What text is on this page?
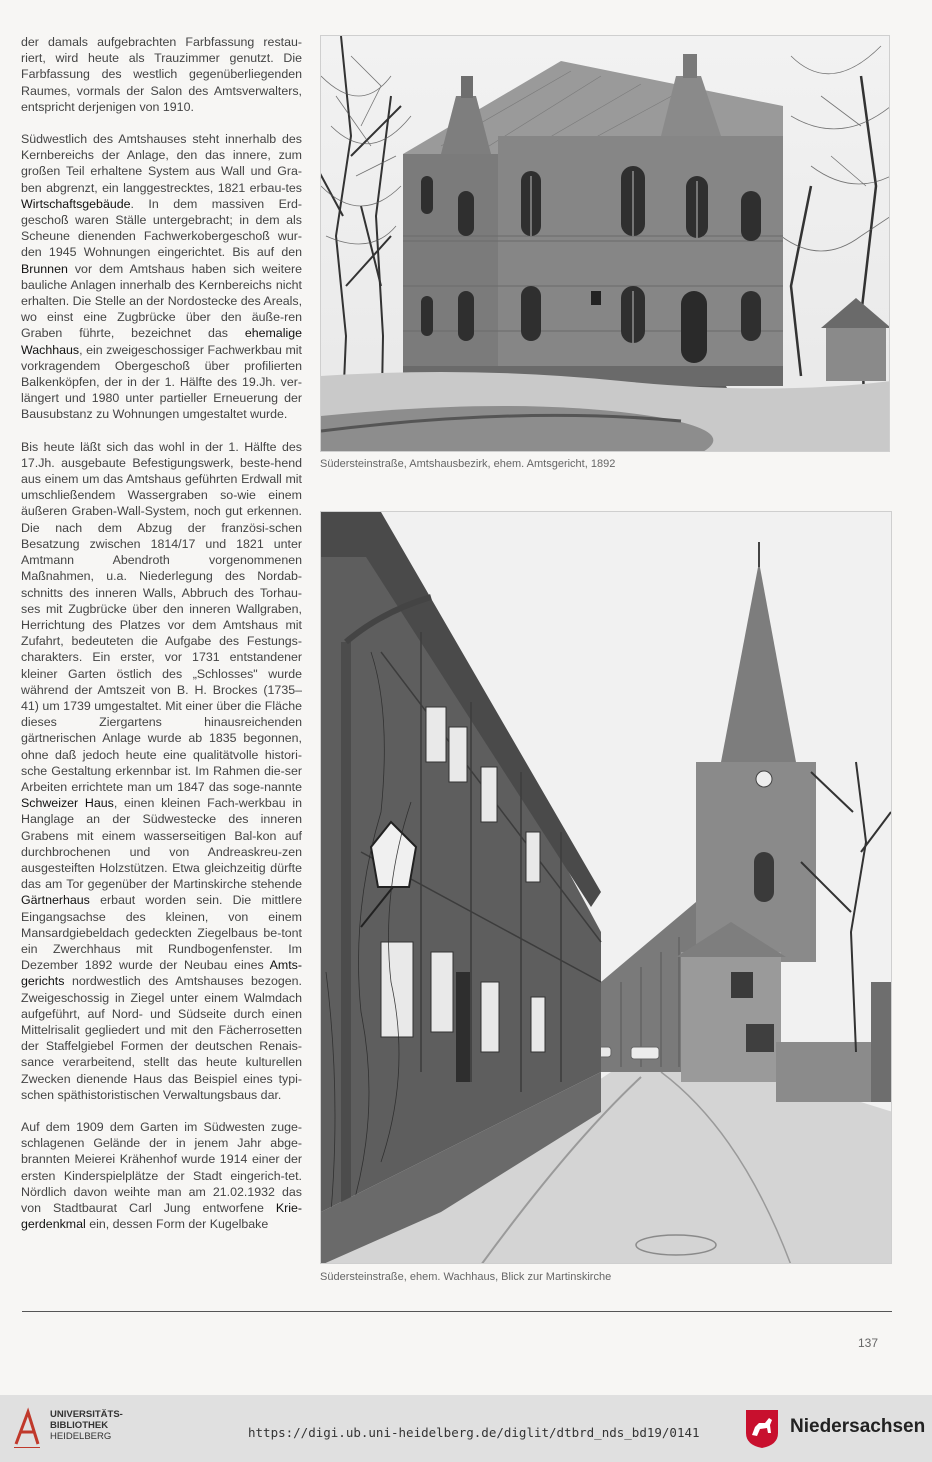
der damals aufgebrachten Farbfassung restau-riert, wird heute als Trauzimmer genutzt. Die Farbfassung des westlich gegenüberliegenden Raumes, vormals der Salon des Amtsverwalters, entspricht derjenigen von 1910.

Südwestlich des Amtshauses steht innerhalb des Kernbereichs der Anlage, den das innere, zum großen Teil erhaltene System aus Wall und Gra-ben abgrenzt, ein langgestrecktes, 1821 erbau-tes Wirtschaftsgebäude. In dem massiven Erd-geschoß waren Ställe untergebracht; in dem als Scheune dienenden Fachwerkobergeschoß wur-den 1945 Wohnungen eingerichtet. Bis auf den Brunnen vor dem Amtshaus haben sich weitere bauliche Anlagen innerhalb des Kernbereichs nicht erhalten. Die Stelle an der Nordostecke des Areals, wo einst eine Zugbrücke über den äuße-ren Graben führte, bezeichnet das ehemalige Wachhaus, ein zweigeschossiger Fachwerkbau mit vorkragendem Obergeschoß über profilierten Balkenköpfen, der in der 1. Hälfte des 19.Jh. ver-längert und 1980 unter partieller Erneuerung der Bausubstanz zu Wohnungen umgestaltet wurde.

Bis heute läßt sich das wohl in der 1. Hälfte des 17.Jh. ausgebaute Befestigungswerk, beste-hend aus einem um das Amtshaus geführten Erdwall mit umschließendem Wassergraben so-wie einem äußeren Graben-Wall-System, noch gut erkennen. Die nach dem Abzug der französi-schen Besatzung zwischen 1814/17 und 1821 unter Amtmann Abendroth vorgenommenen Maßnahmen, u.a. Niederlegung des Nordab-schnitts des inneren Walls, Abbruch des Torhau-ses mit Zugbrücke über den inneren Wallgraben, Herrichtung des Platzes vor dem Amtshaus mit Zufahrt, bedeuteten die Aufgabe des Festungs-charakters. Ein erster, vor 1731 entstandener kleiner Garten östlich des „Schlosses" wurde während der Amtszeit von B. H. Brockes (1735–41) um 1739 umgestaltet. Mit einer über die Fläche dieses Ziergartens hinausreichenden gärtnerischen Anlage wurde ab 1835 begonnen, ohne daß jedoch heute eine qualitätvolle histori-sche Gestaltung erkennbar ist. Im Rahmen die-ser Arbeiten errichtete man um 1847 das soge-nannte Schweizer Haus, einen kleinen Fach-werkbau in Hanglage an der Südwestecke des inneren Grabens mit einem wasserseitigen Bal-kon auf durchbrochenen und von Andreaskreu-zen ausgesteiften Holzstützen. Etwa gleichzeitig dürfte das am Tor gegenüber der Martinskirche stehende Gärtnerhaus erbaut worden sein. Die mittlere Eingangsachse des kleinen, von einem Mansardgiebeldach gedeckten Ziegelbaus be-tont ein Zwerchhaus mit Rundbogenfenster. Im Dezember 1892 wurde der Neubau eines Amts-gerichts nordwestlich des Amtshauses bezogen. Zweigeschossig in Ziegel unter einem Walmdach aufgeführt, auf Nord- und Südseite durch einen Mittelrisalit gegliedert und mit den Fächerrosetten der Staffelgiebel Formen der deutschen Renais-sance verarbeitend, stellt das heute kulturellen Zwecken dienende Haus das Beispiel eines typi-schen späthistoristischen Verwaltungsbaus dar.

Auf dem 1909 dem Garten im Südwesten zuge-schlagenen Gelände der in jenem Jahr abge-brannten Meierei Krähenhof wurde 1914 einer der ersten Kinderspielplätze der Stadt eingerich-tet. Nördlich davon weihte man am 21.02.1932 das von Stadtbaurat Carl Jung entworfene Krie-gerdenkmal ein, dessen Form der Kugelbake

Südersteinstraße, Amtshausbezirk, ehem. Amtsgericht, 1892
Südersteinstraße, ehem. Wachhaus, Blick zur Martinskirche
137
UNIVERSITÄTS-
BIBLIOTHEK
HEIDELBERG	https://digi.ub.uni-heidelberg.de/diglit/dtbrd_nds_bd19/0141	Niedersachsen
